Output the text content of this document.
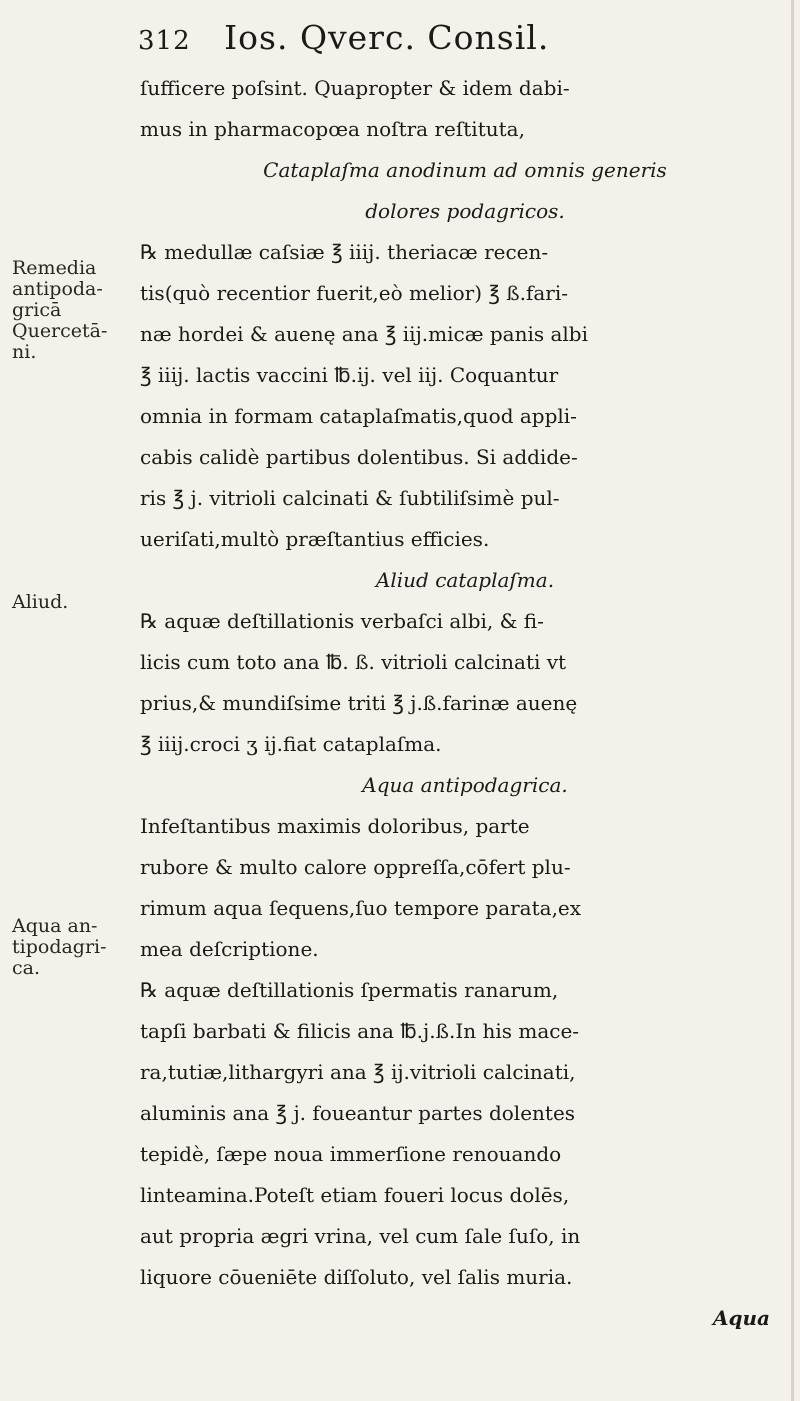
312 Ios. Qverc. Consil.
Remedia
antipoda-
gricā
Quercetā-
ni.
Aliud.
Aqua an-
tipodagri-
ca.
ſufficere poſsint. Quapropter & idem dabi-
mus in pharmacopœa noſtra reſtituta,
Cataplaſma anodinum ad omnis generis
dolores podagricos.
℞ medullæ caſsiæ ℥ iiij. theriacæ recen-
tis(quò recentior fuerit,eò melior) ℥ ß.fari-
næ hordei & auenę ana ℥ iij.micæ panis albi
℥ iiij. lactis vaccini ℔.ij. vel iij. Coquantur
omnia in formam cataplaſmatis,quod appli-
cabis calidè partibus dolentibus. Si addide-
ris ℥ j. vitrioli calcinati & ſubtiliſsimè pul-
ueriſati,multò præſtantius efficies.
Aliud cataplaſma.
℞ aquæ deſtillationis verbaſci albi, & fi-
licis cum toto ana ℔. ß. vitrioli calcinati vt
prius,& mundiſsime triti ℥ j.ß.farinæ auenę
℥ iiij.croci ʒ ij.fiat cataplaſma.
Aqua antipodagrica.
Infeſtantibus maximis doloribus, parte
rubore & multo calore oppreſſa,cōfert plu-
rimum aqua ſequens,ſuo tempore parata,ex
mea deſcriptione.
℞ aquæ deſtillationis ſpermatis ranarum,
tapſi barbati & filicis ana ℔.j.ß.In his mace-
ra,tutiæ,lithargyri ana ℥ ij.vitrioli calcinati,
aluminis ana ℥ j. foueantur partes dolentes
tepidè, ſæpe noua immerſione renouando
linteamina.Poteſt etiam foueri locus dolēs,
aut propria ægri vrina, vel cum ſale ſuſo, in
liquore cōueniēte diſſoluto, vel ſalis muria.
Aqua
